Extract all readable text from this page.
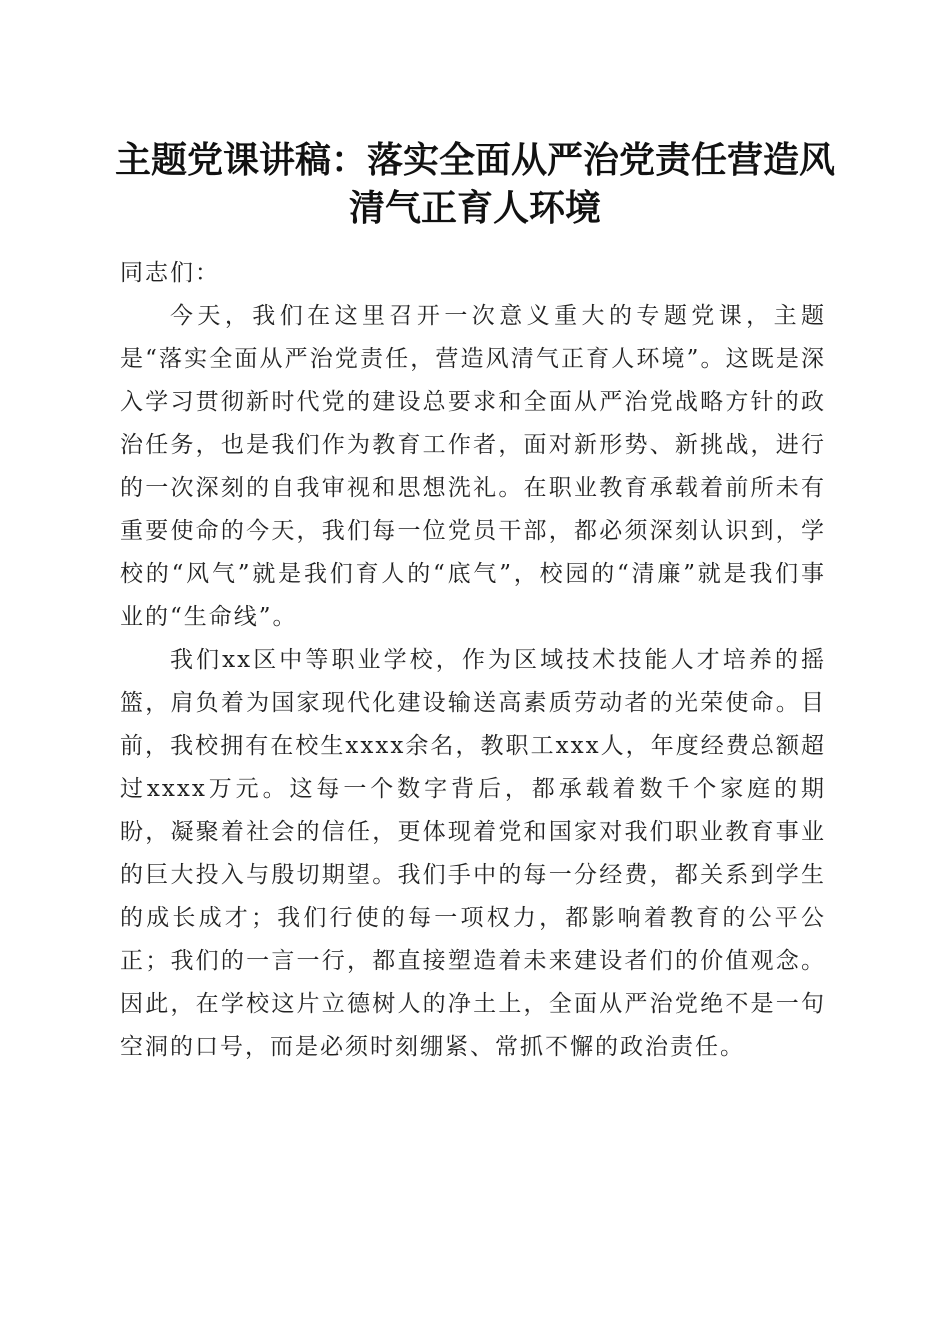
主题党课讲稿：落实全面从严治党责任营造风清气正育人环境

同志们：

今天，我们在这里召开一次意义重大的专题党课，主题是“落实全面从严治党责任，营造风清气正育人环境”。这既是深入学习贯彻新时代党的建设总要求和全面从严治党战略方针的政治任务，也是我们作为教育工作者，面对新形势、新挑战，进行的一次深刻的自我审视和思想洗礼。在职业教育承载着前所未有重要使命的今天，我们每一位党员干部，都必须深刻认识到，学校的“风气”就是我们育人的“底气”，校园的“清廉”就是我们事业的“生命线”。

我们xx区中等职业学校，作为区域技术技能人才培养的摇篮，肩负着为国家现代化建设输送高素质劳动者的光荣使命。目前，我校拥有在校生xxxx余名，教职工xxx人，年度经费总额超过xxxx万元。这每一个数字背后，都承载着数千个家庭的期盼，凝聚着社会的信任，更体现着党和国家对我们职业教育事业的巨大投入与殷切期望。我们手中的每一分经费，都关系到学生的成长成才；我们行使的每一项权力，都影响着教育的公平公正；我们的一言一行，都直接塑造着未来建设者们的价值观念。因此，在学校这片立德树人的净土上，全面从严治党绝不是一句空洞的口号，而是必须时刻绷紧、常抓不懈的政治责任。
